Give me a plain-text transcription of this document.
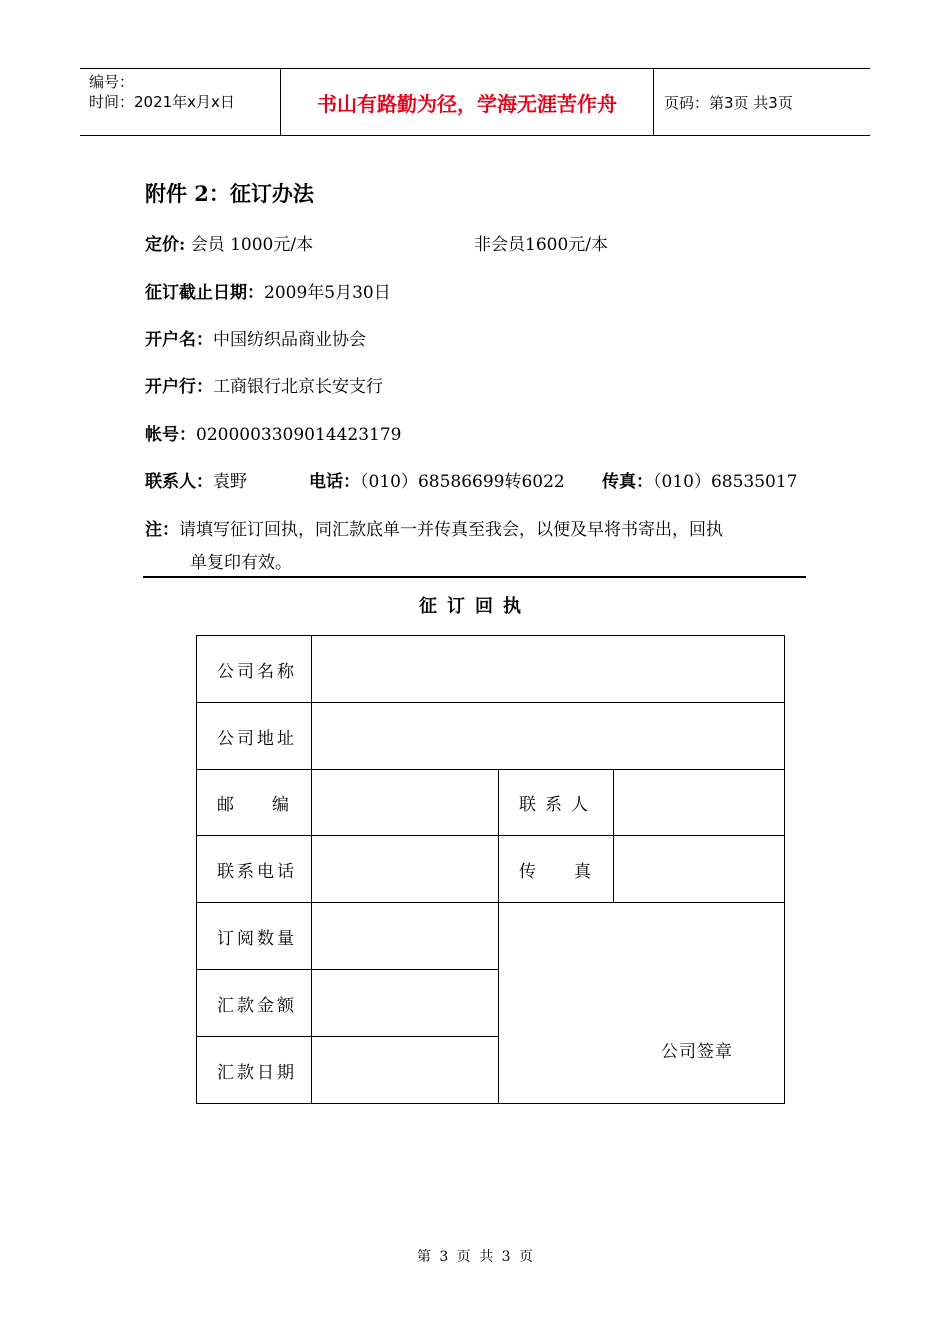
编号：
时间：2021年x月x日	书山有路勤为径，学海无涯苦作舟	页码：第3页 共3页
附件 2：征订办法
定价: 会员 1000元/本	非会员1600元/本
征订截止日期：2009年5月30日
开户名：中国纺织品商业协会
开户行：工商银行北京长安支行
帐号：0200003309014423179
联系人：袁野	电话：（010）68586699转6022 传真：（010）68535017
注：请填写征订回执，同汇款底单一并传真至我会，以便及早将书寄出，回执
单复印有效。
征订回执
公司名称
公司地址
邮 编	联系人
联系电话	传 真
订阅数量
汇款金额
汇款日期
公司签章
第 3 页 共 3 页
